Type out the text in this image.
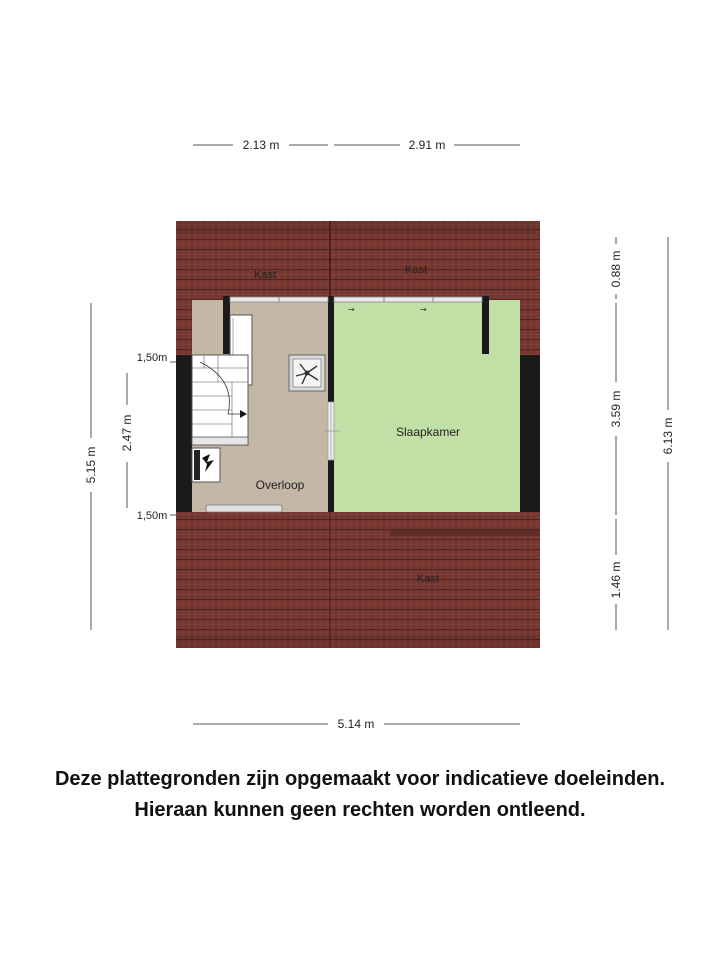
2.13 m	2.91 m
5.14 m
5.15 m
2.47 m
1,50m
1,50m
6.13 m
0.88 m
3.59 m
1.46 m
→	→
Kast	Kast
Kast
Slaapkamer
Overloop
Deze plattegronden zijn opgemaakt voor indicatieve doeleinden.
Hieraan kunnen geen rechten worden ontleend.
